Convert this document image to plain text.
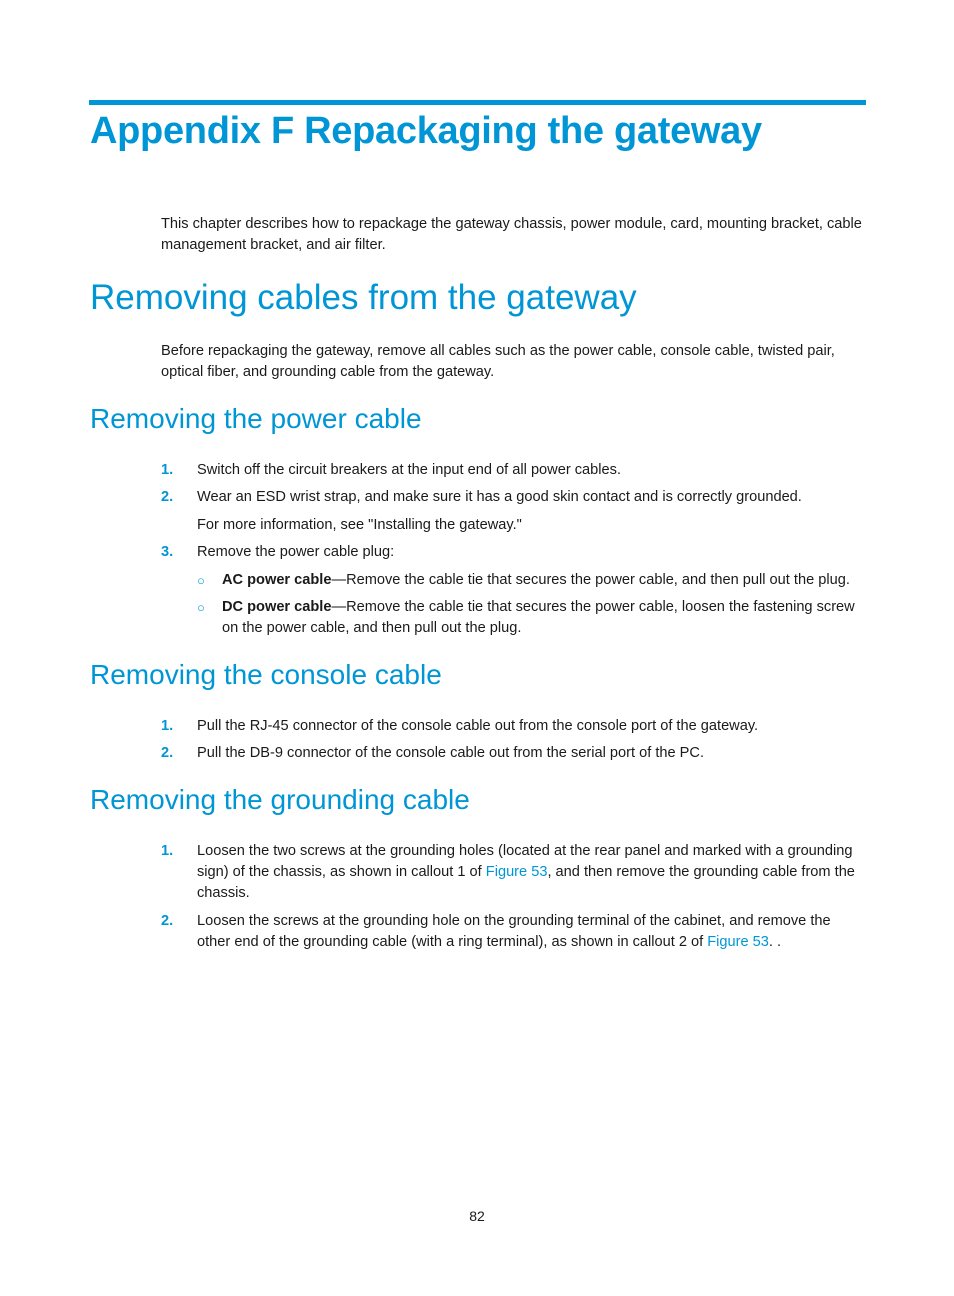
Appendix F Repackaging the gateway

This chapter describes how to repackage the gateway chassis, power module, card, mounting bracket, cable management bracket, and air filter.

Removing cables from the gateway

Before repackaging the gateway, remove all cables such as the power cable, console cable, twisted pair, optical fiber, and grounding cable from the gateway.

Removing the power cable
1. Switch off the circuit breakers at the input end of all power cables.
2. Wear an ESD wrist strap, and make sure it has a good skin contact and is correctly grounded.
For more information, see "Installing the gateway."
3. Remove the power cable plug:
○ AC power cable—Remove the cable tie that secures the power cable, and then pull out the plug.
○ DC power cable—Remove the cable tie that secures the power cable, loosen the fastening screw on the power cable, and then pull out the plug.
Removing the console cable
1. Pull the RJ-45 connector of the console cable out from the console port of the gateway.
2. Pull the DB-9 connector of the console cable out from the serial port of the PC.
Removing the grounding cable
1. Loosen the two screws at the grounding holes (located at the rear panel and marked with a grounding sign) of the chassis, as shown in callout 1 of Figure 53, and then remove the grounding cable from the chassis.
2. Loosen the screws at the grounding hole on the grounding terminal of the cabinet, and remove the other end of the grounding cable (with a ring terminal), as shown in callout 2 of Figure 53. .
82
